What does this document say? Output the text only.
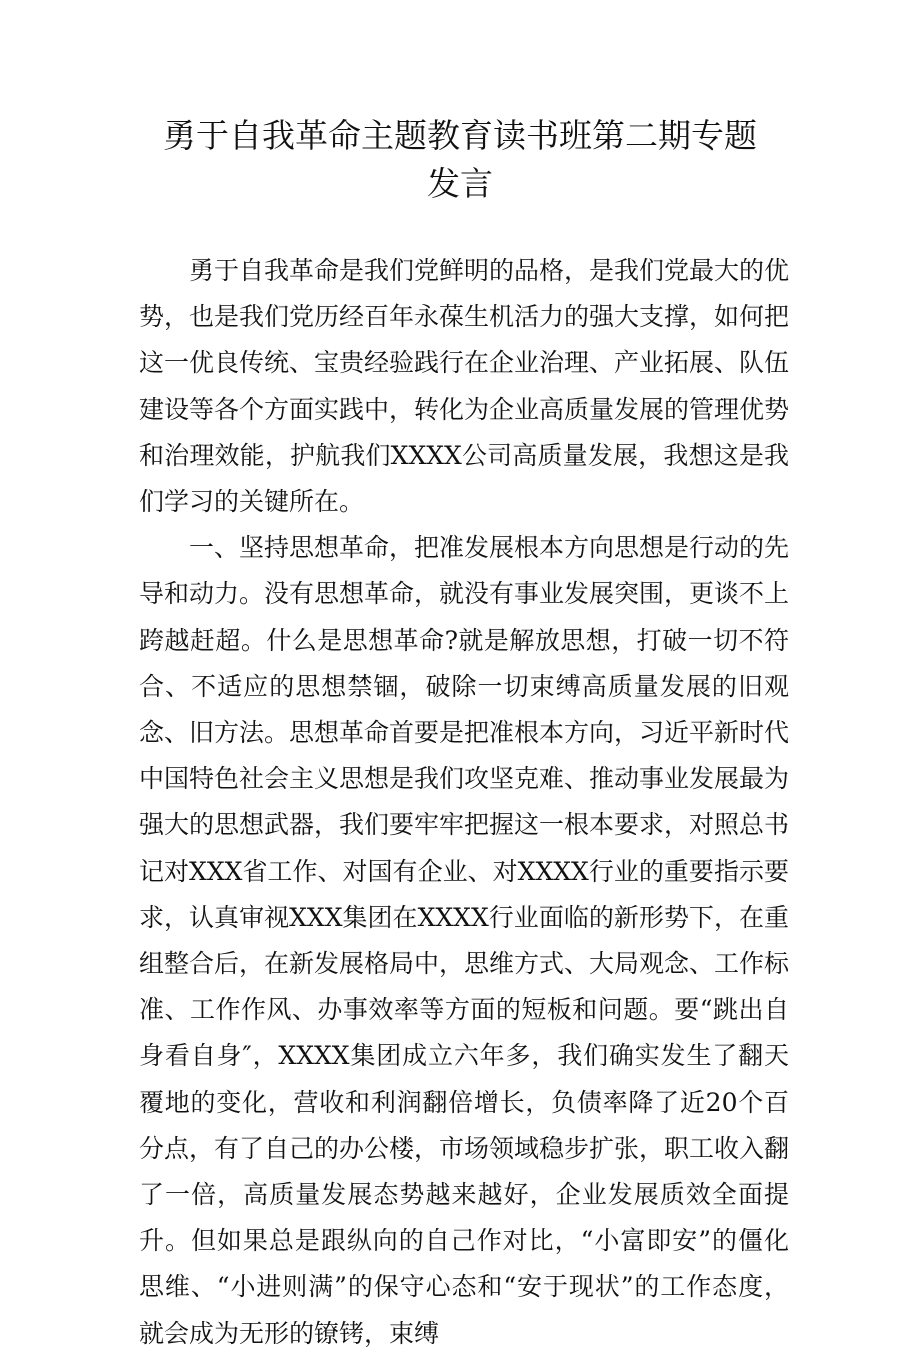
勇于自我革命主题教育读书班第二期专题
发言

勇于自我革命是我们党鲜明的品格，是我们党最大的优势，也是我们党历经百年永葆生机活力的强大支撑，如何把这一优良传统、宝贵经验践行在企业治理、产业拓展、队伍建设等各个方面实践中，转化为企业高质量发展的管理优势和治理效能，护航我们XXXX公司高质量发展，我想这是我们学习的关键所在。

一、坚持思想革命，把准发展根本方向思想是行动的先导和动力。没有思想革命，就没有事业发展突围，更谈不上跨越赶超。什么是思想革命?就是解放思想，打破一切不符合、不适应的思想禁锢，破除一切束缚高质量发展的旧观念、旧方法。思想革命首要是把准根本方向，习近平新时代中国特色社会主义思想是我们攻坚克难、推动事业发展最为强大的思想武器，我们要牢牢把握这一根本要求，对照总书记对XXX省工作、对国有企业、对XXXX行业的重要指示要求，认真审视XXX集团在XXXX行业面临的新形势下，在重组整合后，在新发展格局中，思维方式、大局观念、工作标准、工作作风、办事效率等方面的短板和问题。要“跳出自身看自身″，XXXX集团成立六年多，我们确实发生了翻天覆地的变化，营收和利润翻倍增长，负债率降了近20个百分点，有了自己的办公楼，市场领域稳步扩张，职工收入翻了一倍，高质量发展态势越来越好，企业发展质效全面提升。但如果总是跟纵向的自己作对比，“小富即安”的僵化思维、“小进则满”的保守心态和“安于现状”的工作态度，就会成为无形的镣铐，束缚
